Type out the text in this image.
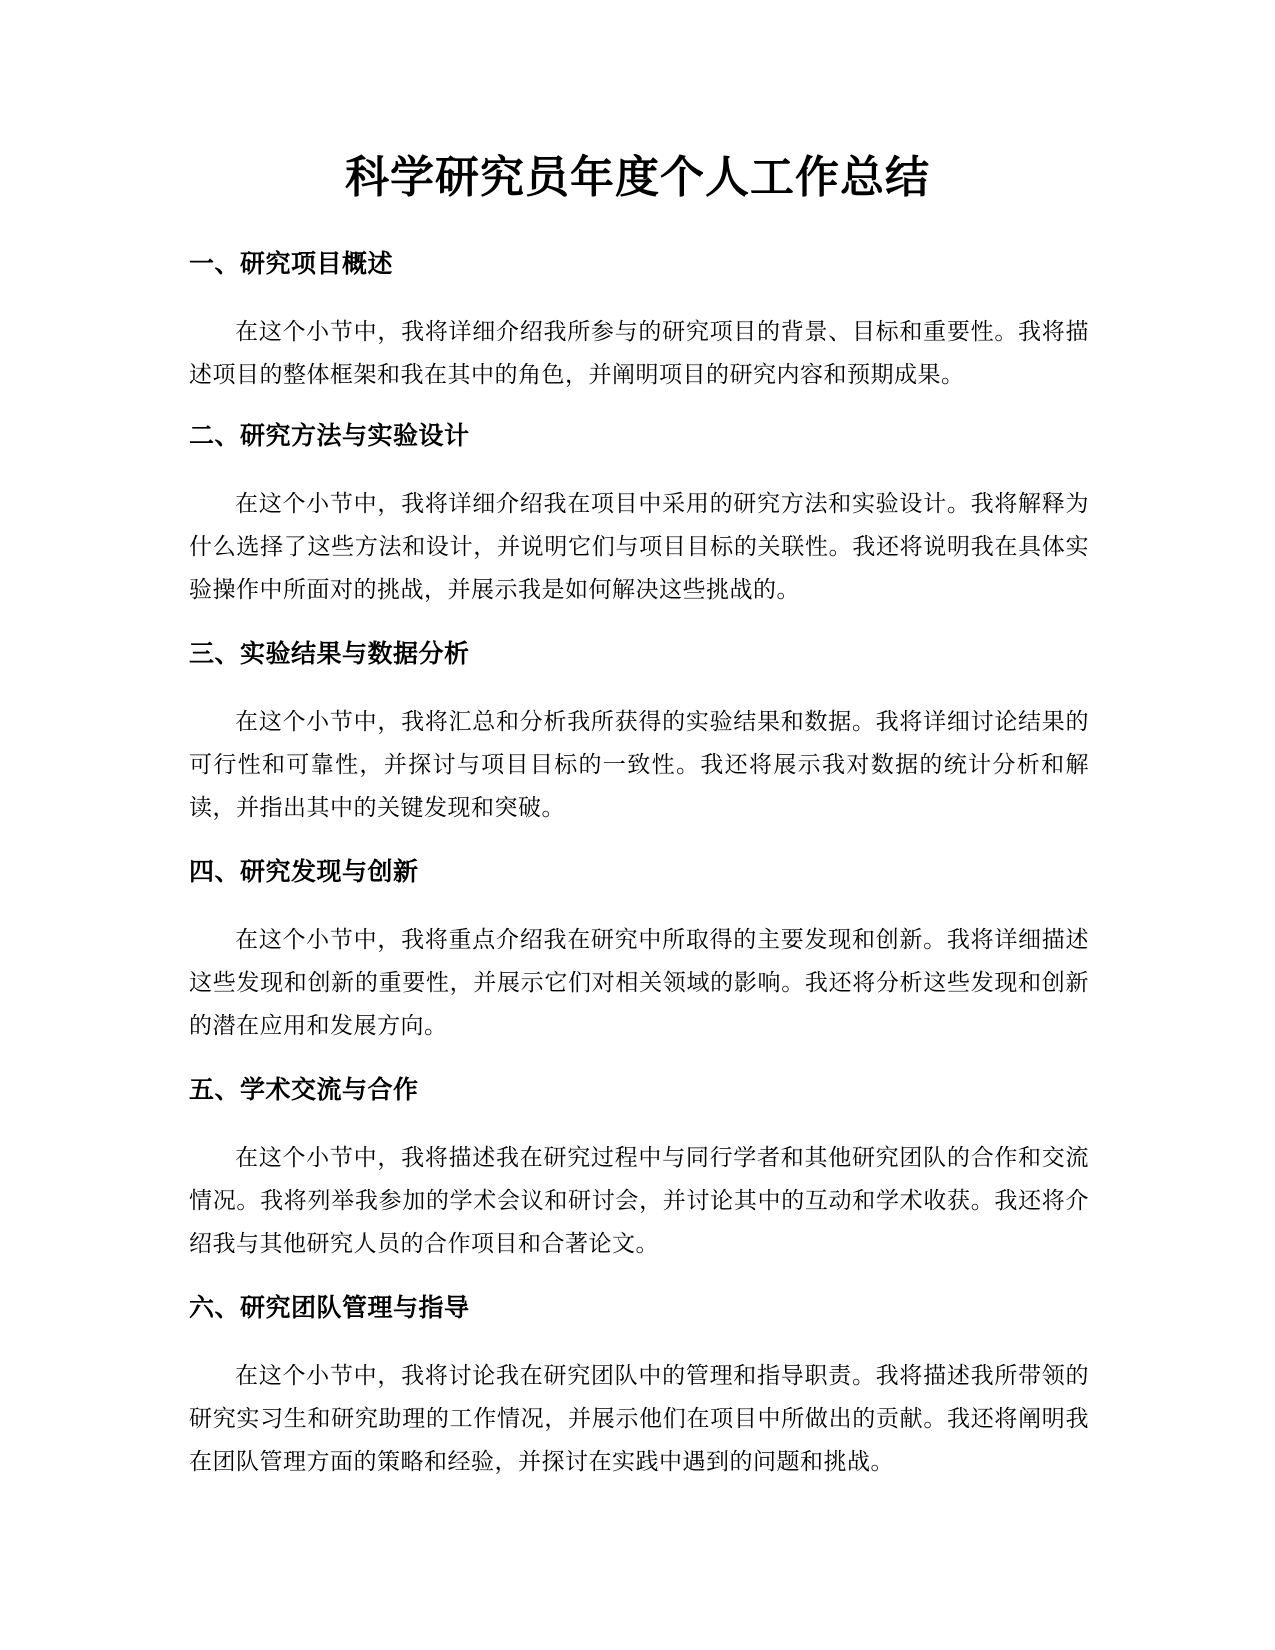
科学研究员年度个人工作总结
一、研究项目概述

在这个小节中，我将详细介绍我所参与的研究项目的背景、目标和重要性。我将描述项目的整体框架和我在其中的角色，并阐明项目的研究内容和预期成果。

二、研究方法与实验设计

在这个小节中，我将详细介绍我在项目中采用的研究方法和实验设计。我将解释为什么选择了这些方法和设计，并说明它们与项目目标的关联性。我还将说明我在具体实验操作中所面对的挑战，并展示我是如何解决这些挑战的。

三、实验结果与数据分析

在这个小节中，我将汇总和分析我所获得的实验结果和数据。我将详细讨论结果的可行性和可靠性，并探讨与项目目标的一致性。我还将展示我对数据的统计分析和解读，并指出其中的关键发现和突破。

四、研究发现与创新

在这个小节中，我将重点介绍我在研究中所取得的主要发现和创新。我将详细描述这些发现和创新的重要性，并展示它们对相关领域的影响。我还将分析这些发现和创新的潜在应用和发展方向。

五、学术交流与合作

在这个小节中，我将描述我在研究过程中与同行学者和其他研究团队的合作和交流情况。我将列举我参加的学术会议和研讨会，并讨论其中的互动和学术收获。我还将介绍我与其他研究人员的合作项目和合著论文。

六、研究团队管理与指导

在这个小节中，我将讨论我在研究团队中的管理和指导职责。我将描述我所带领的研究实习生和研究助理的工作情况，并展示他们在项目中所做出的贡献。我还将阐明我在团队管理方面的策略和经验，并探讨在实践中遇到的问题和挑战。
